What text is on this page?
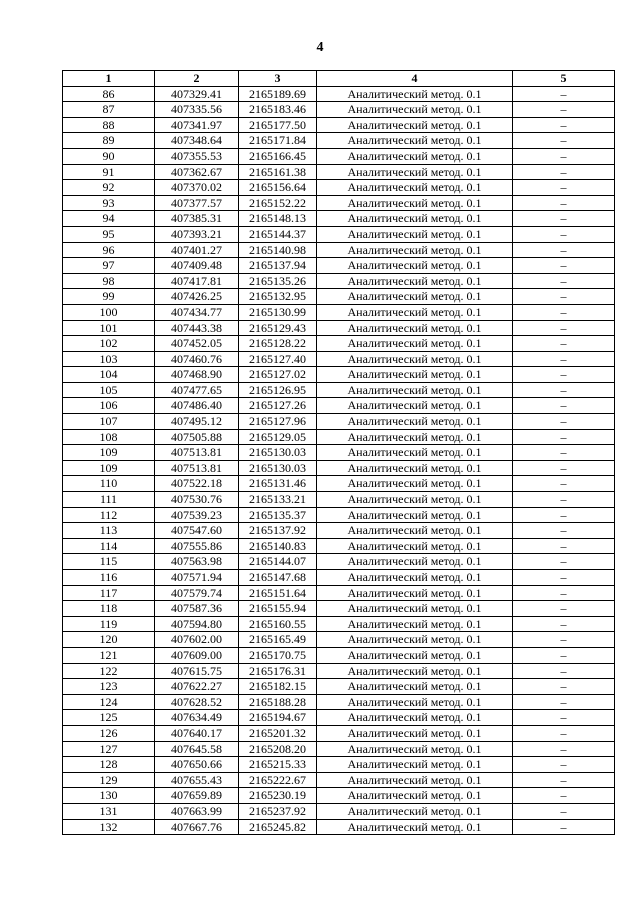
4
1	2	3	4	5
86	407329.41	2165189.69	Аналитический метод. 0.1	–
87	407335.56	2165183.46	Аналитический метод. 0.1	–
88	407341.97	2165177.50	Аналитический метод. 0.1	–
89	407348.64	2165171.84	Аналитический метод. 0.1	–
90	407355.53	2165166.45	Аналитический метод. 0.1	–
91	407362.67	2165161.38	Аналитический метод. 0.1	–
92	407370.02	2165156.64	Аналитический метод. 0.1	–
93	407377.57	2165152.22	Аналитический метод. 0.1	–
94	407385.31	2165148.13	Аналитический метод. 0.1	–
95	407393.21	2165144.37	Аналитический метод. 0.1	–
96	407401.27	2165140.98	Аналитический метод. 0.1	–
97	407409.48	2165137.94	Аналитический метод. 0.1	–
98	407417.81	2165135.26	Аналитический метод. 0.1	–
99	407426.25	2165132.95	Аналитический метод. 0.1	–
100	407434.77	2165130.99	Аналитический метод. 0.1	–
101	407443.38	2165129.43	Аналитический метод. 0.1	–
102	407452.05	2165128.22	Аналитический метод. 0.1	–
103	407460.76	2165127.40	Аналитический метод. 0.1	–
104	407468.90	2165127.02	Аналитический метод. 0.1	–
105	407477.65	2165126.95	Аналитический метод. 0.1	–
106	407486.40	2165127.26	Аналитический метод. 0.1	–
107	407495.12	2165127.96	Аналитический метод. 0.1	–
108	407505.88	2165129.05	Аналитический метод. 0.1	–
109	407513.81	2165130.03	Аналитический метод. 0.1	–
109	407513.81	2165130.03	Аналитический метод. 0.1	–
110	407522.18	2165131.46	Аналитический метод. 0.1	–
111	407530.76	2165133.21	Аналитический метод. 0.1	–
112	407539.23	2165135.37	Аналитический метод. 0.1	–
113	407547.60	2165137.92	Аналитический метод. 0.1	–
114	407555.86	2165140.83	Аналитический метод. 0.1	–
115	407563.98	2165144.07	Аналитический метод. 0.1	–
116	407571.94	2165147.68	Аналитический метод. 0.1	–
117	407579.74	2165151.64	Аналитический метод. 0.1	–
118	407587.36	2165155.94	Аналитический метод. 0.1	–
119	407594.80	2165160.55	Аналитический метод. 0.1	–
120	407602.00	2165165.49	Аналитический метод. 0.1	–
121	407609.00	2165170.75	Аналитический метод. 0.1	–
122	407615.75	2165176.31	Аналитический метод. 0.1	–
123	407622.27	2165182.15	Аналитический метод. 0.1	–
124	407628.52	2165188.28	Аналитический метод. 0.1	–
125	407634.49	2165194.67	Аналитический метод. 0.1	–
126	407640.17	2165201.32	Аналитический метод. 0.1	–
127	407645.58	2165208.20	Аналитический метод. 0.1	–
128	407650.66	2165215.33	Аналитический метод. 0.1	–
129	407655.43	2165222.67	Аналитический метод. 0.1	–
130	407659.89	2165230.19	Аналитический метод. 0.1	–
131	407663.99	2165237.92	Аналитический метод. 0.1	–
132	407667.76	2165245.82	Аналитический метод. 0.1	–
